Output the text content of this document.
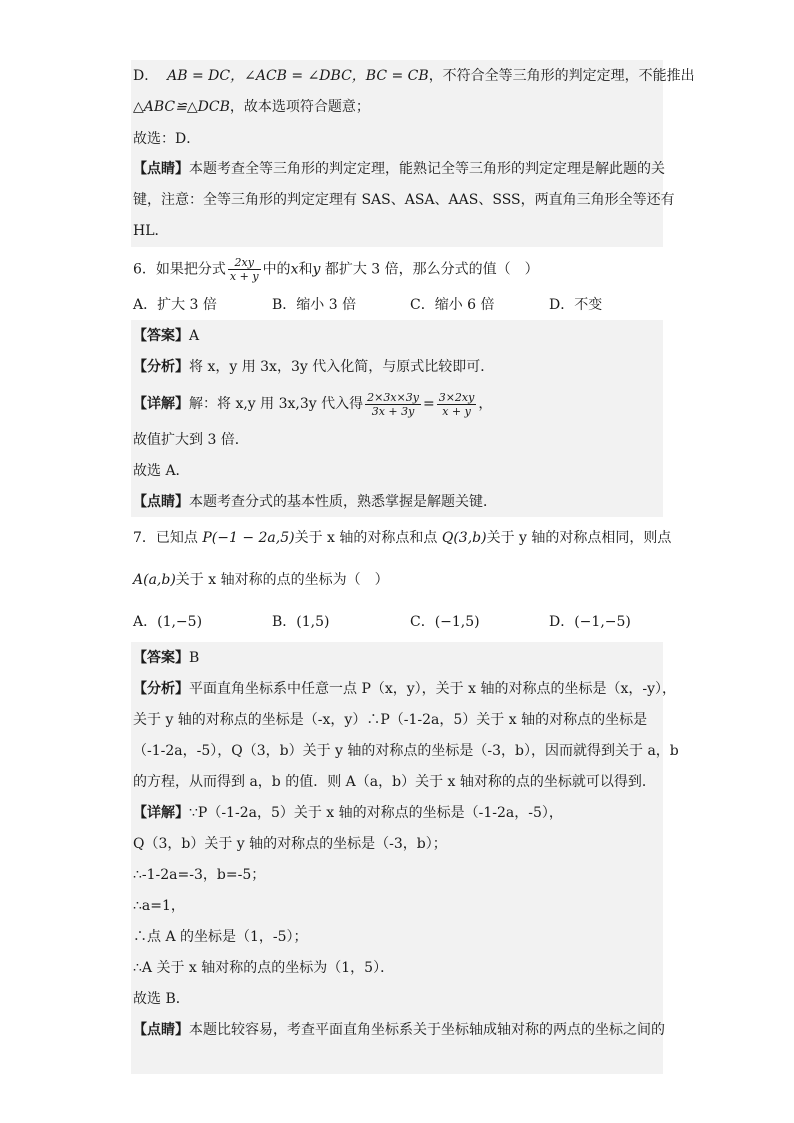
D． AB = DC，∠ACB = ∠DBC，BC = CB，不符合全等三角形的判定定理，不能推出
△ABC≌△DCB，故本选项符合题意；
故选：D．
【点睛】本题考查全等三角形的判定定理，能熟记全等三角形的判定定理是解此题的关
键，注意：全等三角形的判定定理有 SAS、ASA、AAS、SSS，两直角三角形全等还有
HL．
6．如果把分式 $\frac{2xy}{x + y}$ 中的x和y 都扩大 3 倍，那么分式的值（　）
A．扩大 3 倍	B．缩小 3 倍	C．缩小 6 倍	D．不变
【答案】A
【分析】将 x，y 用 3x，3y 代入化简，与原式比较即可．
【详解】解：将 x,y 用 3x,3y 代入得 $\frac{2\times 3x\times 3y}{3x + 3y} = \frac{3\times 2xy}{x + y}$ ，
故值扩大到 3 倍．
故选 A．
【点睛】本题考查分式的基本性质，熟悉掌握是解题关键．
7．已知点 P(−1 − 2a,5)关于 x 轴的对称点和点 Q(3,b)关于 y 轴的对称点相同，则点
A(a,b)关于 x 轴对称的点的坐标为（　）
A．(1,−5)	B．(1,5)	C．(−1,5)	D．(−1,−5)
【答案】B
【分析】平面直角坐标系中任意一点 P（x，y），关于 x 轴的对称点的坐标是（x，-y），
关于 y 轴的对称点的坐标是（-x，y）∴P（-1-2a，5）关于 x 轴的对称点的坐标是
（-1-2a，-5），Q（3，b）关于 y 轴的对称点的坐标是（-3，b），因而就得到关于 a，b
的方程，从而得到 a，b 的值．则 A（a，b）关于 x 轴对称的点的坐标就可以得到．
【详解】∵P（-1-2a，5）关于 x 轴的对称点的坐标是（-1-2a，-5），
Q（3，b）关于 y 轴的对称点的坐标是（-3，b）；
∴-1-2a=-3，b=-5；
∴a=1，
∴点 A 的坐标是（1，-5）；
∴A 关于 x 轴对称的点的坐标为（1，5）．
故选 B．
【点睛】本题比较容易，考查平面直角坐标系关于坐标轴成轴对称的两点的坐标之间的
